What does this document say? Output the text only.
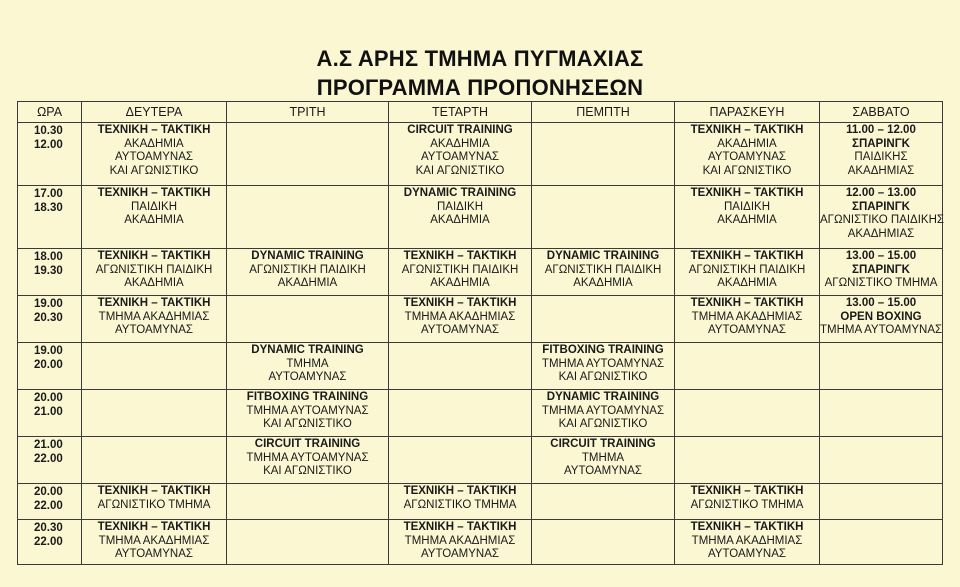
Α.Σ ΑΡΗΣ ΤΜΗΜΑ ΠΥΓΜΑΧΙΑΣ
ΠΡΟΓΡΑΜΜΑ ΠΡΟΠΟΝΗΣΕΩΝ
ΩΡΑ	ΔΕΥΤΕΡΑ	ΤΡΙΤΗ	ΤΕΤΑΡΤΗ	ΠΕΜΠΤΗ	ΠΑΡΑΣΚΕΥΗ	ΣΑΒΒΑΤΟ

10.30
12.00	ΤΕΧΝΙΚΗ – ΤΑΚΤΙΚΗ
ΑΚΑΔΗΜΙΑ
ΑΥΤΟΑΜΥΝΑΣ
ΚΑΙ ΑΓΩΝΙΣΤΙΚΟ		CIRCUIT TRAINING
ΑΚΑΔΗΜΙΑ
ΑΥΤΟΑΜΥΝΑΣ
ΚΑΙ ΑΓΩΝΙΣΤΙΚΟ		ΤΕΧΝΙΚΗ – ΤΑΚΤΙΚΗ
ΑΚΑΔΗΜΙΑ
ΑΥΤΟΑΜΥΝΑΣ
ΚΑΙ ΑΓΩΝΙΣΤΙΚΟ	11.00 – 12.00
ΣΠΑΡΙΝΓΚ
ΠΑΙΔΙΚΗΣ
ΑΚΑΔΗΜΙΑΣ

17.00
18.30	ΤΕΧΝΙΚΗ – ΤΑΚΤΙΚΗ
ΠΑΙΔΙΚΗ
ΑΚΑΔΗΜΙΑ		DYNAMIC TRAINING
ΠΑΙΔΙΚΗ
ΑΚΑΔΗΜΙΑ		ΤΕΧΝΙΚΗ – ΤΑΚΤΙΚΗ
ΠΑΙΔΙΚΗ
ΑΚΑΔΗΜΙΑ	12.00 – 13.00
ΣΠΑΡΙΝΓΚ
ΑΓΩΝΙΣΤΙΚΟ ΠΑΙΔΙΚΗΣ
ΑΚΑΔΗΜΙΑΣ

18.00
19.30	ΤΕΧΝΙΚΗ – ΤΑΚΤΙΚΗ
ΑΓΩΝΙΣΤΙΚΗ ΠΑΙΔΙΚΗ
ΑΚΑΔΗΜΙΑ	DYNAMIC TRAINING
ΑΓΩΝΙΣΤΙΚΗ ΠΑΙΔΙΚΗ
ΑΚΑΔΗΜΙΑ	ΤΕΧΝΙΚΗ – ΤΑΚΤΙΚΗ
ΑΓΩΝΙΣΤΙΚΗ ΠΑΙΔΙΚΗ
ΑΚΑΔΗΜΙΑ	DYNAMIC TRAINING
ΑΓΩΝΙΣΤΙΚΗ ΠΑΙΔΙΚΗ
ΑΚΑΔΗΜΙΑ	ΤΕΧΝΙΚΗ – ΤΑΚΤΙΚΗ
ΑΓΩΝΙΣΤΙΚΗ ΠΑΙΔΙΚΗ
ΑΚΑΔΗΜΙΑ	13.00 – 15.00
ΣΠΑΡΙΝΓΚ
ΑΓΩΝΙΣΤΙΚΟ ΤΜΗΜΑ

19.00
20.30	ΤΕΧΝΙΚΗ – ΤΑΚΤΙΚΗ
ΤΜΗΜΑ ΑΚΑΔΗΜΙΑΣ
ΑΥΤΟΑΜΥΝΑΣ		ΤΕΧΝΙΚΗ – ΤΑΚΤΙΚΗ
ΤΜΗΜΑ ΑΚΑΔΗΜΙΑΣ
ΑΥΤΟΑΜΥΝΑΣ		ΤΕΧΝΙΚΗ – ΤΑΚΤΙΚΗ
ΤΜΗΜΑ ΑΚΑΔΗΜΙΑΣ
ΑΥΤΟΑΜΥΝΑΣ	13.00 – 15.00
OPEN BOXING
ΤΜΗΜΑ ΑΥΤΟΑΜΥΝΑΣ

19.00
20.00		DYNAMIC TRAINING
ΤΜΗΜΑ
ΑΥΤΟΑΜΥΝΑΣ		FITBOXING TRAINING
ΤΜΗΜΑ ΑΥΤΟΑΜΥΝΑΣ
ΚΑΙ ΑΓΩΝΙΣΤΙΚΟ		

20.00
21.00		FITBOXING TRAINING
ΤΜΗΜΑ ΑΥΤΟΑΜΥΝΑΣ
ΚΑΙ ΑΓΩΝΙΣΤΙΚΟ		DYNAMIC TRAINING
ΤΜΗΜΑ ΑΥΤΟΑΜΥΝΑΣ
ΚΑΙ ΑΓΩΝΙΣΤΙΚΟ		

21.00
22.00		CIRCUIT TRAINING
ΤΜΗΜΑ ΑΥΤΟΑΜΥΝΑΣ
ΚΑΙ ΑΓΩΝΙΣΤΙΚΟ		CIRCUIT TRAINING
ΤΜΗΜΑ
ΑΥΤΟΑΜΥΝΑΣ		

20.00
22.00	ΤΕΧΝΙΚΗ – ΤΑΚΤΙΚΗ
ΑΓΩΝΙΣΤΙΚΟ ΤΜΗΜΑ		ΤΕΧΝΙΚΗ – ΤΑΚΤΙΚΗ
ΑΓΩΝΙΣΤΙΚΟ ΤΜΗΜΑ		ΤΕΧΝΙΚΗ – ΤΑΚΤΙΚΗ
ΑΓΩΝΙΣΤΙΚΟ ΤΜΗΜΑ	

20.30
22.00	ΤΕΧΝΙΚΗ – ΤΑΚΤΙΚΗ
ΤΜΗΜΑ ΑΚΑΔΗΜΙΑΣ
ΑΥΤΟΑΜΥΝΑΣ		ΤΕΧΝΙΚΗ – ΤΑΚΤΙΚΗ
ΤΜΗΜΑ ΑΚΑΔΗΜΙΑΣ
ΑΥΤΟΑΜΥΝΑΣ		ΤΕΧΝΙΚΗ – ΤΑΚΤΙΚΗ
ΤΜΗΜΑ ΑΚΑΔΗΜΙΑΣ
ΑΥΤΟΑΜΥΝΑΣ	
